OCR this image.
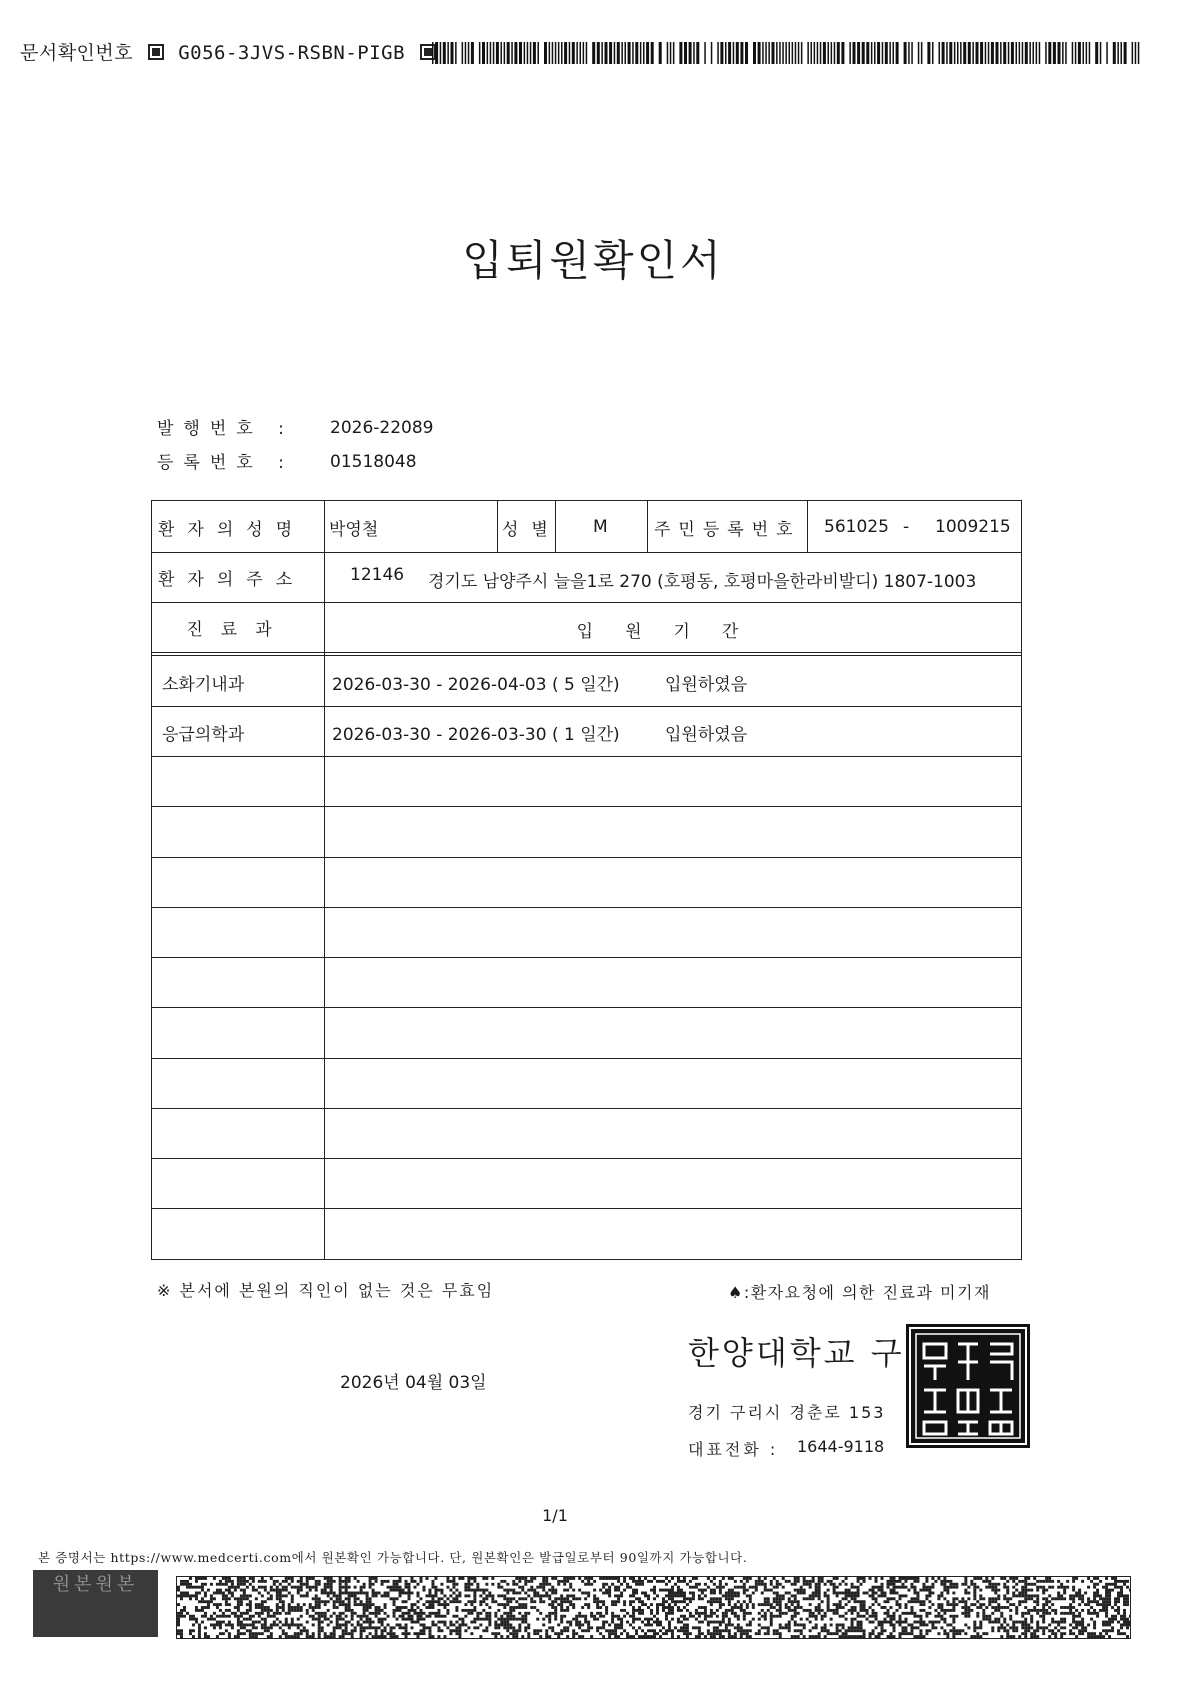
문서확인번호 G056-3JVS-RSBN-PIGB
입퇴원확인서
발행번호 : 2026-22089
등록번호 : 01518048
환자의성명 박영철	성별 M	주민등록번호 561025 - 1009215
환자의주소	12146 경기도 남양주시 늘을1로 270 (호평동, 호평마을한라비발디) 1807-1003
진료과	입원기간
소화기내과	2026-03-30 - 2026-04-03 ( 5 일간)	입원하였음
응급의학과	2026-03-30 - 2026-03-30 ( 1 일간)	입원하였음
※ 본서에 본원의 직인이 없는 것은 무효임	♠:환자요청에 의한 진료과 미기재
2026년 04월 03일
한양대학교 구리병원
경기 구리시 경춘로 153
대표전화 : 1644-9118
1/1
본 증명서는 https://www.medcerti.com에서 원본확인 가능합니다. 단, 원본확인은 발급일로부터 90일까지 가능합니다.
원본원본
